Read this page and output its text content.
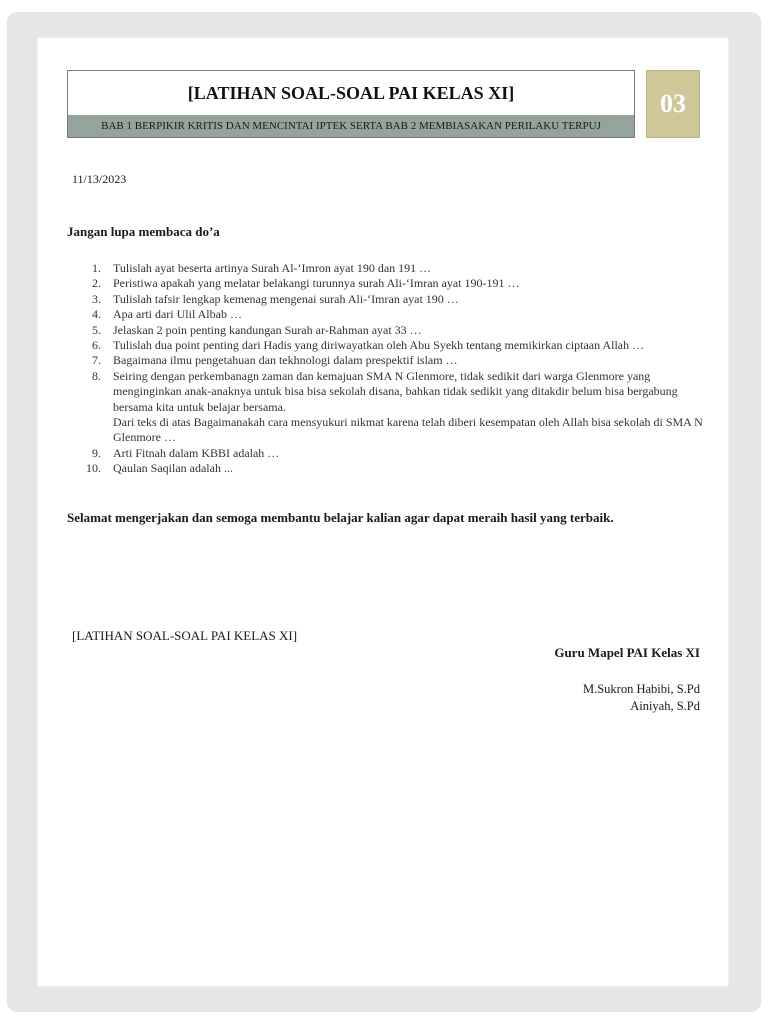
[LATIHAN SOAL-SOAL PAI KELAS XI]
BAB 1 BERPIKIR KRITIS DAN MENCINTAI IPTEK SERTA BAB 2 MEMBIASAKAN PERILAKU TERPUJ
03
11/13/2023
Jangan lupa membaca do’a
1.	Tulislah ayat beserta artinya Surah Al-‘Imron ayat 190 dan 191 …
2.	Peristiwa apakah yang melatar belakangi turunnya surah Ali-‘Imran ayat 190-191 …
3.	Tulislah tafsir lengkap kemenag mengenai surah Ali-‘Imran ayat 190 …
4.	Apa arti dari Ulil Albab …
5.	Jelaskan 2 poin penting kandungan Surah ar-Rahman ayat 33 …
6.	Tulislah dua point penting dari Hadis yang diriwayatkan oleh Abu Syekh tentang memikirkan ciptaan Allah …
7.	Bagaimana ilmu pengetahuan dan tekhnologi dalam prespektif islam …
8.	Seiring dengan perkembanagn zaman dan kemajuan SMA N Glenmore, tidak sedikit dari warga Glenmore yang menginginkan anak-anaknya untuk bisa bisa sekolah disana, bahkan tidak sedikit yang ditakdir belum bisa bergabung bersama kita untuk belajar bersama.
Dari teks di atas Bagaimanakah cara mensyukuri nikmat karena telah diberi kesempatan oleh Allah bisa sekolah di SMA N Glenmore …
9.	Arti Fitnah dalam KBBI adalah …
10.	Qaulan Saqilan adalah ...
Selamat mengerjakan dan semoga membantu belajar kalian agar dapat meraih hasil yang terbaik.
[LATIHAN SOAL-SOAL PAI KELAS XI]
Guru Mapel PAI Kelas XI
M.Sukron Habibi, S.Pd
Ainiyah, S.Pd
